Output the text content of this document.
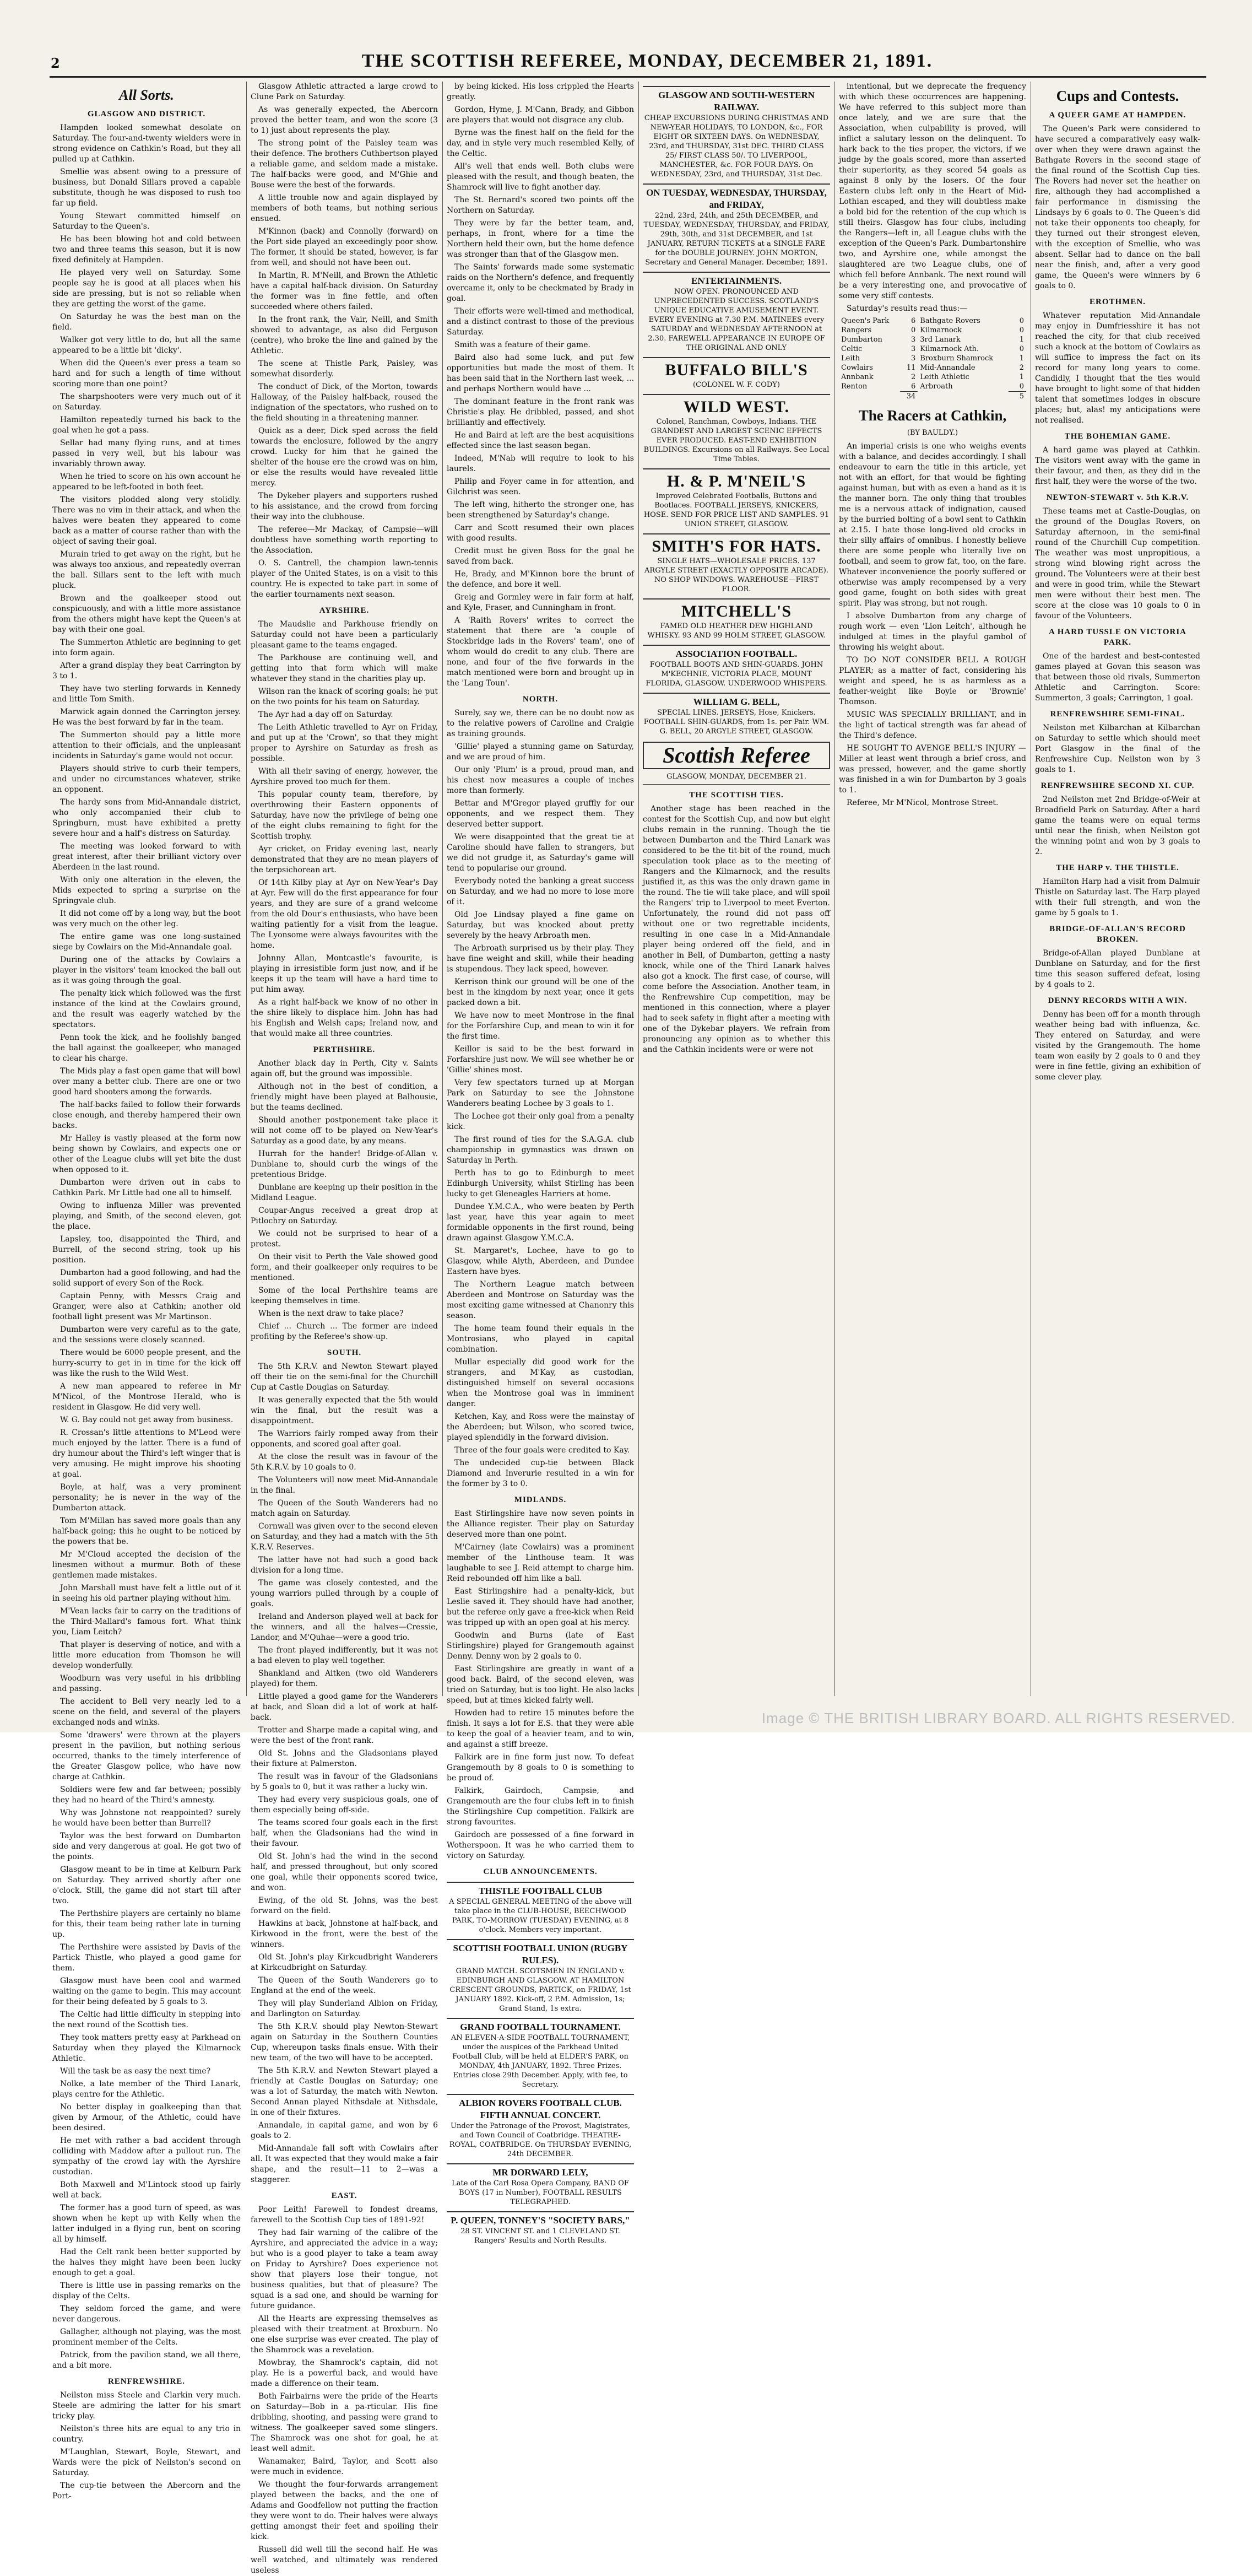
2	THE SCOTTISH REFEREE, MONDAY, DECEMBER 21, 1891.
All Sorts.
GLASGOW AND DISTRICT.

Hampden looked somewhat desolate on Saturday. The four-and-twenty wielders were in strong evidence on Cathkin's Road, but they all pulled up at Cathkin.

Smellie was absent owing to a pressure of business, but Donald Sillars proved a capable substitute, though he was disposed to rush too far up field.

Young Stewart committed himself on Saturday to the Queen's.

He has been blowing hot and cold between two and three teams this season, but it is now fixed definitely at Hampden.

He played very well on Saturday. Some people say he is good at all places when his side are pressing, but is not so reliable when they are getting the worst of the game.

On Saturday he was the best man on the field.

Walker got very little to do, but all the same appeared to be a little bit 'dicky'.

When did the Queen's ever press a team so hard and for such a length of time without scoring more than one point?

The sharpshooters were very much out of it on Saturday.

Hamilton repeatedly turned his back to the goal when he got a pass.

Sellar had many flying runs, and at times passed in very well, but his labour was invariably thrown away.

When he tried to score on his own account he appeared to be left-footed in both feet.

The visitors plodded along very stolidly. There was no vim in their attack, and when the halves were beaten they appeared to come back as a matter of course rather than with the object of saving their goal.

Murain tried to get away on the right, but he was always too anxious, and repeatedly overran the ball. Sillars sent to the left with much pluck.

Brown and the goalkeeper stood out conspicuously, and with a little more assistance from the others might have kept the Queen's at bay with their one goal.

The Summerton Athletic are beginning to get into form again.

After a grand display they beat Carrington by 3 to 1.

They have two sterling forwards in Kennedy and little Tom Smith.

Marwick again donned the Carrington jersey. He was the best forward by far in the team.

The Summerton should pay a little more attention to their officials, and the unpleasant incidents in Saturday's game would not occur.

Players should strive to curb their tempers, and under no circumstances whatever, strike an opponent.

The hardy sons from Mid-Annandale district, who only accompanied their club to Springburn, must have exhibited a pretty severe hour and a half's distress on Saturday.

The meeting was looked forward to with great interest, after their brilliant victory over Aberdeen in the last round.

With only one alteration in the eleven, the Mids expected to spring a surprise on the Springvale club.

It did not come off by a long way, but the boot was very much on the other leg.

The entire game was one long-sustained siege by Cowlairs on the Mid-Annandale goal.

During one of the attacks by Cowlairs a player in the visitors' team knocked the ball out as it was going through the goal.

The penalty kick which followed was the first instance of the kind at the Cowlairs ground, and the result was eagerly watched by the spectators.

Penn took the kick, and he foolishly banged the ball against the goalkeeper, who managed to clear his charge.

The Mids play a fast open game that will bowl over many a better club. There are one or two good hard shooters among the forwards.

The half-backs failed to follow their forwards close enough, and thereby hampered their own backs.

Mr Halley is vastly pleased at the form now being shown by Cowlairs, and expects one or other of the League clubs will yet bite the dust when opposed to it.

Dumbarton were driven out in cabs to Cathkin Park. Mr Little had one all to himself.

Owing to influenza Miller was prevented playing, and Smith, of the second eleven, got the place.

Lapsley, too, disappointed the Third, and Burrell, of the second string, took up his position.

Dumbarton had a good following, and had the solid support of every Son of the Rock.

Captain Penny, with Messrs Craig and Granger, were also at Cathkin; another old football light present was Mr Martinson.

Dumbarton were very careful as to the gate, and the sessions were closely scanned.

There would be 6000 people present, and the hurry-scurry to get in in time for the kick off was like the rush to the Wild West.

A new man appeared to referee in Mr M'Nicol, of the Montrose Herald, who is resident in Glasgow. He did very well.

W. G. Bay could not get away from business.

R. Crossan's little attentions to M'Leod were much enjoyed by the latter. There is a fund of dry humour about the Third's left winger that is very amusing. He might improve his shooting at goal.

Boyle, at half, was a very prominent personality; he is never in the way of the Dumbarton attack.

Tom M'Millan has saved more goals than any half-back going; this he ought to be noticed by the powers that be.

Mr M'Cloud accepted the decision of the linesmen without a murmur. Both of these gentlemen made mistakes.

John Marshall must have felt a little out of it in seeing his old partner playing without him.

M'Vean lacks fair to carry on the traditions of the Third-Mallard's famous fort. What think you, Liam Leitch?

That player is deserving of notice, and with a little more education from Thomson he will develop wonderfully.

Woodburn was very useful in his dribbling and passing.

The accident to Bell very nearly led to a scene on the field, and several of the players exchanged nods and winks.

Some 'drawers' were thrown at the players present in the pavilion, but nothing serious occurred, thanks to the timely interference of the Greater Glasgow police, who have now charge at Cathkin.

Soldiers were few and far between; possibly they had no heard of the Third's amnesty.

Why was Johnstone not reappointed? surely he would have been better than Burrell?

Taylor was the best forward on Dumbarton side and very dangerous at goal. He got two of the points.

Glasgow meant to be in time at Kelburn Park on Saturday. They arrived shortly after one o'clock. Still, the game did not start till after two.

The Perthshire players are certainly no blame for this, their team being rather late in turning up.

The Perthshire were assisted by Davis of the Partick Thistle, who played a good game for them.

Glasgow must have been cool and warmed waiting on the game to begin. This may account for their being defeated by 5 goals to 3.

The Celtic had little difficulty in stepping into the next round of the Scottish ties.

They took matters pretty easy at Parkhead on Saturday when they played the Kilmarnock Athletic.

Will the task be as easy the next time?

Nolke, a late member of the Third Lanark, plays centre for the Athletic.

No better display in goalkeeping than that given by Armour, of the Athletic, could have been desired.

He met with rather a bad accident through colliding with Maddow after a pullout run. The sympathy of the crowd lay with the Ayrshire custodian.

Both Maxwell and M'Lintock stood up fairly well at back.

The former has a good turn of speed, as was shown when he kept up with Kelly when the latter indulged in a flying run, bent on scoring all by himself.

Had the Celt rank been better supported by the halves they might have been been lucky enough to get a goal.

There is little use in passing remarks on the display of the Celts.

They seldom forced the game, and were never dangerous.

Gallagher, although not playing, was the most prominent member of the Celts.

Patrick, from the pavilion stand, we all there, and a bit more.

RENFREWSHIRE.

Neilston miss Steele and Clarkin very much. Steele are admiring the latter for his smart tricky play.

Neilston's three hits are equal to any trio in country.

M'Laughlan, Stewart, Boyle, Stewart, and Wards were the pick of Neilston's second on Saturday.

The cup-tie between the Abercorn and the Port-

Glasgow Athletic attracted a large crowd to Clune Park on Saturday.

As was generally expected, the Abercorn proved the better team, and won the score (3 to 1) just about represents the play.

The strong point of the Paisley team was their defence. The brothers Cuthbertson played a reliable game, and seldom made a mistake. The half-backs were good, and M'Ghie and Bouse were the best of the forwards.

A little trouble now and again displayed by members of both teams, but nothing serious ensued.

M'Kinnon (back) and Connolly (forward) on the Port side played an exceedingly poor show. The former, it should be stated, however, is far from well, and should not have been out.

In Martin, R. M'Neill, and Brown the Athletic have a capital half-back division. On Saturday the former was in fine fettle, and often succeeded where others failed.

In the front rank, the Vair, Neill, and Smith showed to advantage, as also did Ferguson (centre), who broke the line and gained by the Athletic.

The scene at Thistle Park, Paisley, was somewhat disorderly.

The conduct of Dick, of the Morton, towards Halloway, of the Paisley half-back, roused the indignation of the spectators, who rushed on to the field shouting in a threatening manner.

Quick as a deer, Dick sped across the field towards the enclosure, followed by the angry crowd. Lucky for him that he gained the shelter of the house ere the crowd was on him, or else the results would have revealed little mercy.

The Dykeber players and supporters rushed to his assistance, and the crowd from forcing their way into the clubhouse.

The referee—Mr Mackay, of Campsie—will doubtless have something worth reporting to the Association.

O. S. Cantrell, the champion lawn-tennis player of the United States, is on a visit to this country. He is expected to take part in some of the earlier tournaments next season.

AYRSHIRE.

The Maudslie and Parkhouse friendly on Saturday could not have been a particularly pleasant game to the teams engaged.

The Parkhouse are continuing well, and getting into that form which will make whatever they stand in the charities play up.

Wilson ran the knack of scoring goals; he put on the two points for his team on Saturday.

The Ayr had a day off on Saturday.

The Leith Athletic travelled to Ayr on Friday, and put up at the 'Crown', so that they might proper to Ayrshire on Saturday as fresh as possible.

With all their saving of energy, however, the Ayrshire proved too much for them.

This popular county team, therefore, by overthrowing their Eastern opponents of Saturday, have now the privilege of being one of the eight clubs remaining to fight for the Scottish trophy.

Ayr cricket, on Friday evening last, nearly demonstrated that they are no mean players of the terpsichorean art.

Of 14th Kilby play at Ayr on New-Year's Day at Ayr. Few will do the first appearance for four years, and they are sure of a grand welcome from the old Dour's enthusiasts, who have been waiting patiently for a visit from the league. The Lyonsome were always favourites with the home.

Johnny Allan, Montcastle's favourite, is playing in irresistible form just now, and if he keeps it up the team will have a hard time to put him away.

As a right half-back we know of no other in the shire likely to displace him. John has had his English and Welsh caps; Ireland now, and that would make all three countries.

PERTHSHIRE.

Another black day in Perth, City v. Saints again off, but the ground was impossible.

Although not in the best of condition, a friendly might have been played at Balhousie, but the teams declined.

Should another postponement take place it will not come off to be played on New-Year's Saturday as a good date, by any means.

Hurrah for the hander! Bridge-of-Allan v. Dunblane to, should curb the wings of the pretentious Bridge.

Dunblane are keeping up their position in the Midland League.

Coupar-Angus received a great drop at Pitlochry on Saturday.

We could not be surprised to hear of a protest.

On their visit to Perth the Vale showed good form, and their goalkeeper only requires to be mentioned.

Some of the local Perthshire teams are keeping themselves in time.

When is the next draw to take place?

Chief ... Church ... The former are indeed profiting by the Referee's show-up.

SOUTH.

The 5th K.R.V. and Newton Stewart played off their tie on the semi-final for the Churchill Cup at Castle Douglas on Saturday.

It was generally expected that the 5th would win the final, but the result was a disappointment.

The Warriors fairly romped away from their opponents, and scored goal after goal.

At the close the result was in favour of the 5th K.R.V. by 10 goals to 0.

The Volunteers will now meet Mid-Annandale in the final.

The Queen of the South Wanderers had no match again on Saturday.

Cornwall was given over to the second eleven on Saturday, and they had a match with the 5th K.R.V. Reserves.

The latter have not had such a good back division for a long time.

The game was closely contested, and the young warriors pulled through by a couple of goals.

Ireland and Anderson played well at back for the winners, and all the halves—Cressie, Landor, and M'Quhae—were a good trio.

The front played indifferently, but it was not a bad eleven to play well together.

Shankland and Aitken (two old Wanderers played) for them.

Little played a good game for the Wanderers at back, and Sloan did a lot of work at half-back.

Trotter and Sharpe made a capital wing, and were the best of the front rank.

Old St. Johns and the Gladsonians played their fixture at Palmerston.

The result was in favour of the Gladsonians by 5 goals to 0, but it was rather a lucky win.

They had every very suspicious goals, one of them especially being off-side.

The teams scored four goals each in the first half, when the Gladsonians had the wind in their favour.

Old St. John's had the wind in the second half, and pressed throughout, but only scored one goal, while their opponents scored twice, and won.

Ewing, of the old St. Johns, was the best forward on the field.

Hawkins at back, Johnstone at half-back, and Kirkwood in the front, were the best of the winners.

Old St. John's play Kirkcudbright Wanderers at Kirkcudbright on Saturday.

The Queen of the South Wanderers go to England at the end of the week.

They will play Sunderland Albion on Friday, and Darlington on Saturday.

The 5th K.R.V. should play Newton-Stewart again on Saturday in the Southern Counties Cup, whereupon tasks finals ensue. With their new team, of the two will have to be accepted.

The 5th K.R.V. and Newton Stewart played a friendly at Castle Douglas on Saturday; one was a lot of Saturday, the match with Newton. Second Annan played Nithsdale at Nithsdale, in one of their fixtures.

Annandale, in capital game, and won by 6 goals to 2.

Mid-Annandale fall soft with Cowlairs after all. It was expected that they would make a fair shape, and the result—11 to 2—was a staggerer.

EAST.

Poor Leith! Farewell to fondest dreams, farewell to the Scottish Cup ties of 1891-92!

They had fair warning of the calibre of the Ayrshire, and appreciated the advice in a way; but who is a good player to take a team away on Friday to Ayrshire? Does experience not show that players lose their tongue, not business qualities, but that of pleasure? The squad is a sad one, and should be warning for future guidance.

All the Hearts are expressing themselves as pleased with their treatment at Broxburn. No one else surprise was ever created. The play of the Shamrock was a revelation.

Mowbray, the Shamrock's captain, did not play. He is a powerful back, and would have made a difference on their team.

Both Fairbairns were the pride of the Hearts on Saturday—Bob in a pa-rticular. His fine dribbling, shooting, and passing were grand to witness. The goalkeeper saved some slingers. The Shamrock was one shot for goal, he at least well admit.

Wanamaker, Baird, Taylor, and Scott also were much in evidence.

We thought the four-forwards arrangement played between the backs, and the one of Adams and Goodfellow not putting the fraction they were wont to do. Their halves were always getting amongst their feet and spoiling their kick.

Russell did well till the second half. He was well watched, and ultimately was rendered useless

by being kicked. His loss crippled the Hearts greatly.

Gordon, Hyme, J. M'Cann, Brady, and Gibbon are players that would not disgrace any club.

Byrne was the finest half on the field for the day, and in style very much resembled Kelly, of the Celtic.

All's well that ends well. Both clubs were pleased with the result, and though beaten, the Shamrock will live to fight another day.

The St. Bernard's scored two points off the Northern on Saturday.

They were by far the better team, and, perhaps, in front, where for a time the Northern held their own, but the home defence was stronger than that of the Glasgow men.

The Saints' forwards made some systematic raids on the Northern's defence, and frequently overcame it, only to be checkmated by Brady in goal.

Their efforts were well-timed and methodical, and a distinct contrast to those of the previous Saturday.

Smith was a feature of their game.

Baird also had some luck, and put few opportunities but made the most of them. It has been said that in the Northern last week, ... and perhaps Northern would have ...

The dominant feature in the front rank was Christie's play. He dribbled, passed, and shot brilliantly and effectively.

He and Baird at left are the best acquisitions effected since the last season began.

Indeed, M'Nab will require to look to his laurels.

Philip and Foyer came in for attention, and Gilchrist was seen.

The left wing, hitherto the stronger one, has been strengthened by Saturday's change.

Carr and Scott resumed their own places with good results.

Credit must be given Boss for the goal he saved from back.

He, Brady, and M'Kinnon bore the brunt of the defence, and bore it well.

Greig and Gormley were in fair form at half, and Kyle, Fraser, and Cunningham in front.

A 'Raith Rovers' writes to correct the statement that there are 'a couple of Stockbridge lads in the Rovers' team', one of whom would do credit to any club. There are none, and four of the five forwards in the match mentioned were born and brought up in the 'Lang Toun'.

NORTH.

Surely, say we, there can be no doubt now as to the relative powers of Caroline and Craigie as training grounds.

'Gillie' played a stunning game on Saturday, and we are proud of him.

Our only 'Plum' is a proud, proud man, and his chest now measures a couple of inches more than formerly.

Bettar and M'Gregor played gruffly for our opponents, and we respect them. They deserved better support.

We were disappointed that the great tie at Caroline should have fallen to strangers, but we did not grudge it, as Saturday's game will tend to popularise our ground.

Everybody noted the banking a great success on Saturday, and we had no more to lose more of it.

Old Joe Lindsay played a fine game on Saturday, but was knocked about pretty severely by the heavy Arbroath men.

The Arbroath surprised us by their play. They have fine weight and skill, while their heading is stupendous. They lack speed, however.

Kerrison think our ground will be one of the best in the kingdom by next year, once it gets packed down a bit.

We have now to meet Montrose in the final for the Forfarshire Cup, and mean to win it for the first time.

Keillor is said to be the best forward in Forfarshire just now. We will see whether he or 'Gillie' shines most.

Very few spectators turned up at Morgan Park on Saturday to see the Johnstone Wanderers beating Lochee by 3 goals to 1.

The Lochee got their only goal from a penalty kick.

The first round of ties for the S.A.G.A. club championship in gymnastics was drawn on Saturday in Perth.

Perth has to go to Edinburgh to meet Edinburgh University, whilst Stirling has been lucky to get Gleneagles Harriers at home.

Dundee Y.M.C.A., who were beaten by Perth last year, have this year again to meet formidable opponents in the first round, being drawn against Glasgow Y.M.C.A.

St. Margaret's, Lochee, have to go to Glasgow, while Alyth, Aberdeen, and Dundee Eastern have byes.

The Northern League match between Aberdeen and Montrose on Saturday was the most exciting game witnessed at Chanonry this season.

The home team found their equals in the Montrosians, who played in capital combination.

Mullar especially did good work for the strangers, and M'Kay, as custodian, distinguished himself on several occasions when the Montrose goal was in imminent danger.

Ketchen, Kay, and Ross were the mainstay of the Aberdeen; but Wilson, who scored twice, played splendidly in the forward division.

Three of the four goals were credited to Kay.

The undecided cup-tie between Black Diamond and Inverurie resulted in a win for the former by 3 to 0.

MIDLANDS.

East Stirlingshire have now seven points in the Alliance register. Their play on Saturday deserved more than one point.

M'Cairney (late Cowlairs) was a prominent member of the Linthouse team. It was laughable to see J. Reid attempt to charge him. Reid rebounded off him like a ball.

East Stirlingshire had a penalty-kick, but Leslie saved it. They should have had another, but the referee only gave a free-kick when Reid was tripped up with an open goal at his mercy.

Goodwin and Burns (late of East Stirlingshire) played for Grangemouth against Denny. Denny won by 2 goals to 0.

East Stirlingshire are greatly in want of a good back. Baird, of the second eleven, was tried on Saturday, but is too light. He also lacks speed, but at times kicked fairly well.

Howden had to retire 15 minutes before the finish. It says a lot for E.S. that they were able to keep the goal of a heavier team, and to win, and against a stiff breeze.

Falkirk are in fine form just now. To defeat Grangemouth by 8 goals to 0 is something to be proud of.

Falkirk, Gairdoch, Campsie, and Grangemouth are the four clubs left in to finish the Stirlingshire Cup competition. Falkirk are strong favourites.

Gairdoch are possessed of a fine forward in Wotherspoon. It was he who carried them to victory on Saturday.

CLUB ANNOUNCEMENTS.
THISTLE FOOTBALL CLUB
A SPECIAL GENERAL MEETING of the above will take place in the CLUB-HOUSE, BEECHWOOD PARK, TO-MORROW (TUESDAY) EVENING, at 8 o'clock. Members very important.
SCOTTISH FOOTBALL UNION (RUGBY RULES).
GRAND MATCH. SCOTSMEN IN ENGLAND v. EDINBURGH AND GLASGOW. AT HAMILTON CRESCENT GROUNDS, PARTICK, on FRIDAY, 1st JANUARY 1892. Kick-off, 2 P.M. Admission, 1s; Grand Stand, 1s extra.
GRAND FOOTBALL TOURNAMENT.
AN ELEVEN-A-SIDE FOOTBALL TOURNAMENT, under the auspices of the Parkhead United Football Club, will be held at ELDER'S PARK, on MONDAY, 4th JANUARY, 1892. Three Prizes. Entries close 29th December. Apply, with fee, to Secretary.
ALBION ROVERS FOOTBALL CLUB. FIFTH ANNUAL CONCERT.
Under the Patronage of the Provost, Magistrates, and Town Council of Coatbridge. THEATRE-ROYAL, COATBRIDGE. On THURSDAY EVENING, 24th DECEMBER.
MR DORWARD LELY,
Late of the Carl Rosa Opera Company, BAND OF BOYS (17 in Number), FOOTBALL RESULTS TELEGRAPHED.
P. QUEEN, TONNEY'S "SOCIETY BARS,"
28 ST. VINCENT ST. and 1 CLEVELAND ST. Rangers' Results and North Results.
GLASGOW AND SOUTH-WESTERN RAILWAY.
CHEAP EXCURSIONS DURING CHRISTMAS AND NEW-YEAR HOLIDAYS, TO LONDON, &c., FOR EIGHT OR SIXTEEN DAYS. On WEDNESDAY, 23rd, and THURSDAY, 31st DEC. THIRD CLASS 25/ FIRST CLASS 50/. TO LIVERPOOL, MANCHESTER, &c. FOR FOUR DAYS. On WEDNESDAY, 23rd, and THURSDAY, 31st Dec.
ON TUESDAY, WEDNESDAY, THURSDAY, and FRIDAY,
22nd, 23rd, 24th, and 25th DECEMBER, and TUESDAY, WEDNESDAY, THURSDAY, and FRIDAY, 29th, 30th, and 31st DECEMBER, and 1st JANUARY, RETURN TICKETS at a SINGLE FARE for the DOUBLE JOURNEY. JOHN MORTON, Secretary and General Manager. December, 1891.
ENTERTAINMENTS.
NOW OPEN. PRONOUNCED AND UNPRECEDENTED SUCCESS. SCOTLAND'S UNIQUE EDUCATIVE AMUSEMENT EVENT. EVERY EVENING at 7.30 P.M. MATINEES every SATURDAY and WEDNESDAY AFTERNOON at 2.30. FAREWELL APPEARANCE IN EUROPE OF THE ORIGINAL AND ONLY
BUFFALO BILL'S
(COLONEL W. F. CODY)
WILD WEST.
Colonel, Ranchman, Cowboys, Indians. THE GRANDEST AND LARGEST SCENIC EFFECTS EVER PRODUCED. EAST-END EXHIBITION BUILDINGS. Excursions on all Railways. See Local Time Tables.
H. & P. M'NEIL'S
Improved Celebrated Footballs, Buttons and Bootlaces. FOOTBALL JERSEYS, KNICKERS, HOSE. SEND FOR PRICE LIST AND SAMPLES. 91 UNION STREET, GLASGOW.
SMITH'S FOR HATS.
SINGLE HATS—WHOLESALE PRICES. 137 ARGYLE STREET (EXACTLY OPPOSITE ARCADE). NO SHOP WINDOWS. WAREHOUSE—FIRST FLOOR.
MITCHELL'S
FAMED OLD HEATHER DEW HIGHLAND WHISKY. 93 AND 99 HOLM STREET, GLASGOW.
ASSOCIATION FOOTBALL.
FOOTBALL BOOTS AND SHIN-GUARDS. JOHN M'KECHNIE, VICTORIA PLACE, MOUNT FLORIDA, GLASGOW. UNDERWOOD WHISPERS.
WILLIAM G. BELL,
SPECIAL LINES. JERSEYS, Hose, Knickers. FOOTBALL SHIN-GUARDS, from 1s. per Pair. WM. G. BELL, 20 ARGYLE STREET, GLASGOW.
Scottish Referee
GLASGOW, MONDAY, DECEMBER 21.
THE SCOTTISH TIES.

Another stage has been reached in the contest for the Scottish Cup, and now but eight clubs remain in the running. Though the tie between Dumbarton and the Third Lanark was considered to be the tit-bit of the round, much speculation took place as to the meeting of Rangers and the Kilmarnock, and the results justified it, as this was the only drawn game in the round. The tie will take place, and will spoil the Rangers' trip to Liverpool to meet Everton. Unfortunately, the round did not pass off without one or two regrettable incidents, resulting in one case in a Mid-Annandale player being ordered off the field, and in another in Bell, of Dumbarton, getting a nasty knock, while one of the Third Lanark halves also got a knock. The first case, of course, will come before the Association. Another team, in the Renfrewshire Cup competition, may be mentioned in this connection, where a player had to seek safety in flight after a meeting with one of the Dykebar players. We refrain from pronouncing any opinion as to whether this and the Cathkin incidents were or were not

intentional, but we deprecate the frequency with which these occurrences are happening. We have referred to this subject more than once lately, and we are sure that the Association, when culpability is proved, will inflict a salutary lesson on the delinquent. To hark back to the ties proper, the victors, if we judge by the goals scored, more than asserted their superiority, as they scored 54 goals as against 8 only by the losers. Of the four Eastern clubs left only in the Heart of Mid-Lothian escaped, and they will doubtless make a bold bid for the retention of the cup which is still theirs. Glasgow has four clubs, including the Rangers—left in, all League clubs with the exception of the Queen's Park. Dumbartonshire two, and Ayrshire one, while amongst the slaughtered are two League clubs, one of which fell before Annbank. The next round will be a very interesting one, and provocative of some very stiff contests.

Saturday's results read thus:—

Queen's Park	6	Bathgate Rovers	0
Rangers	0	Kilmarnock	0
Dumbarton	3	3rd Lanark	1
Celtic	3	Kilmarnock Ath.	0
Leith	3	Broxburn Shamrock	1
Cowlairs	11	Mid-Annandale	2
Annbank	2	Leith Athletic	1
Renton	6	Arbroath	0
	34		5
The Racers at Cathkin,
(BY BAULDY.)

An imperial crisis is one who weighs events with a balance, and decides accordingly. I shall endeavour to earn the title in this article, yet not with an effort, for that would be fighting against human, but with as even a hand as it is the manner born. The only thing that troubles me is a nervous attack of indignation, caused by the burried bolting of a bowl sent to Cathkin at 2.15. I hate those long-lived old crocks in their silly affairs of omnibus. I honestly believe there are some people who literally live on football, and seem to grow fat, too, on the fare. Whatever inconvenience the poorly suffered or otherwise was amply recompensed by a very good game, fought on both sides with great spirit. Play was strong, but not rough.

I absolve Dumbarton from any charge of rough work — even 'Lion Leitch', although he indulged at times in the playful gambol of throwing his weight about.

TO DO NOT CONSIDER BELL A ROUGH PLAYER; as a matter of fact, considering his weight and speed, he is as harmless as a feather-weight like Boyle or 'Brownie' Thomson.

MUSIC WAS SPECIALLY BRILLIANT, and in the light of tactical strength was far ahead of the Third's defence.

HE SOUGHT TO AVENGE BELL'S INJURY — Miller at least went through a brief cross, and was pressed, however, and the game shortly was finished in a win for Dumbarton by 3 goals to 1.

Referee, Mr M'Nicol, Montrose Street.

Cups and Contests.
A QUEER GAME AT HAMPDEN.

The Queen's Park were considered to have secured a comparatively easy walk-over when they were drawn against the Bathgate Rovers in the second stage of the final round of the Scottish Cup ties. The Rovers had never set the heather on fire, although they had accomplished a fair performance in dismissing the Lindsays by 6 goals to 0. The Queen's did not take their opponents too cheaply, for they turned out their strongest eleven, with the exception of Smellie, who was absent. Sellar had to dance on the ball near the finish, and, after a very good game, the Queen's were winners by 6 goals to 0.

EROTHMEN.

Whatever reputation Mid-Annandale may enjoy in Dumfriesshire it has not reached the city, for that club received such a knock at the bottom of Cowlairs as will suffice to impress the fact on its record for many long years to come. Candidly, I thought that the ties would have brought to light some of that hidden talent that sometimes lodges in obscure places; but, alas! my anticipations were not realised.

THE BOHEMIAN GAME.

A hard game was played at Cathkin. The visitors went away with the game in their favour, and then, as they did in the first half, they were the worse of the two.

NEWTON-STEWART v. 5th K.R.V.

These teams met at Castle-Douglas, on the ground of the Douglas Rovers, on Saturday afternoon, in the semi-final round of the Churchill Cup competition. The weather was most unpropitious, a strong wind blowing right across the ground. The Volunteers were at their best and were in good trim, while the Stewart men were without their best men. The score at the close was 10 goals to 0 in favour of the Volunteers.

A HARD TUSSLE ON VICTORIA PARK.

One of the hardest and best-contested games played at Govan this season was that between those old rivals, Summerton Athletic and Carrington. Score: Summerton, 3 goals; Carrington, 1 goal.

RENFREWSHIRE SEMI-FINAL.

Neilston met Kilbarchan at Kilbarchan on Saturday to settle which should meet Port Glasgow in the final of the Renfrewshire Cup. Neilston won by 3 goals to 1.

RENFREWSHIRE SECOND XI. CUP.

2nd Neilston met 2nd Bridge-of-Weir at Broadfield Park on Saturday. After a hard game the teams were on equal terms until near the finish, when Neilston got the winning point and won by 3 goals to 2.

THE HARP v. THE THISTLE.

Hamilton Harp had a visit from Dalmuir Thistle on Saturday last. The Harp played with their full strength, and won the game by 5 goals to 1.

BRIDGE-OF-ALLAN'S RECORD BROKEN.

Bridge-of-Allan played Dunblane at Dunblane on Saturday, and for the first time this season suffered defeat, losing by 4 goals to 2.

DENNY RECORDS WITH A WIN.

Denny has been off for a month through weather being bad with influenza, &c. They entered on Saturday, and were visited by the Grangemouth. The home team won easily by 2 goals to 0 and they were in fine fettle, giving an exhibition of some clever play.

Image © THE BRITISH LIBRARY BOARD. ALL RIGHTS RESERVED.
